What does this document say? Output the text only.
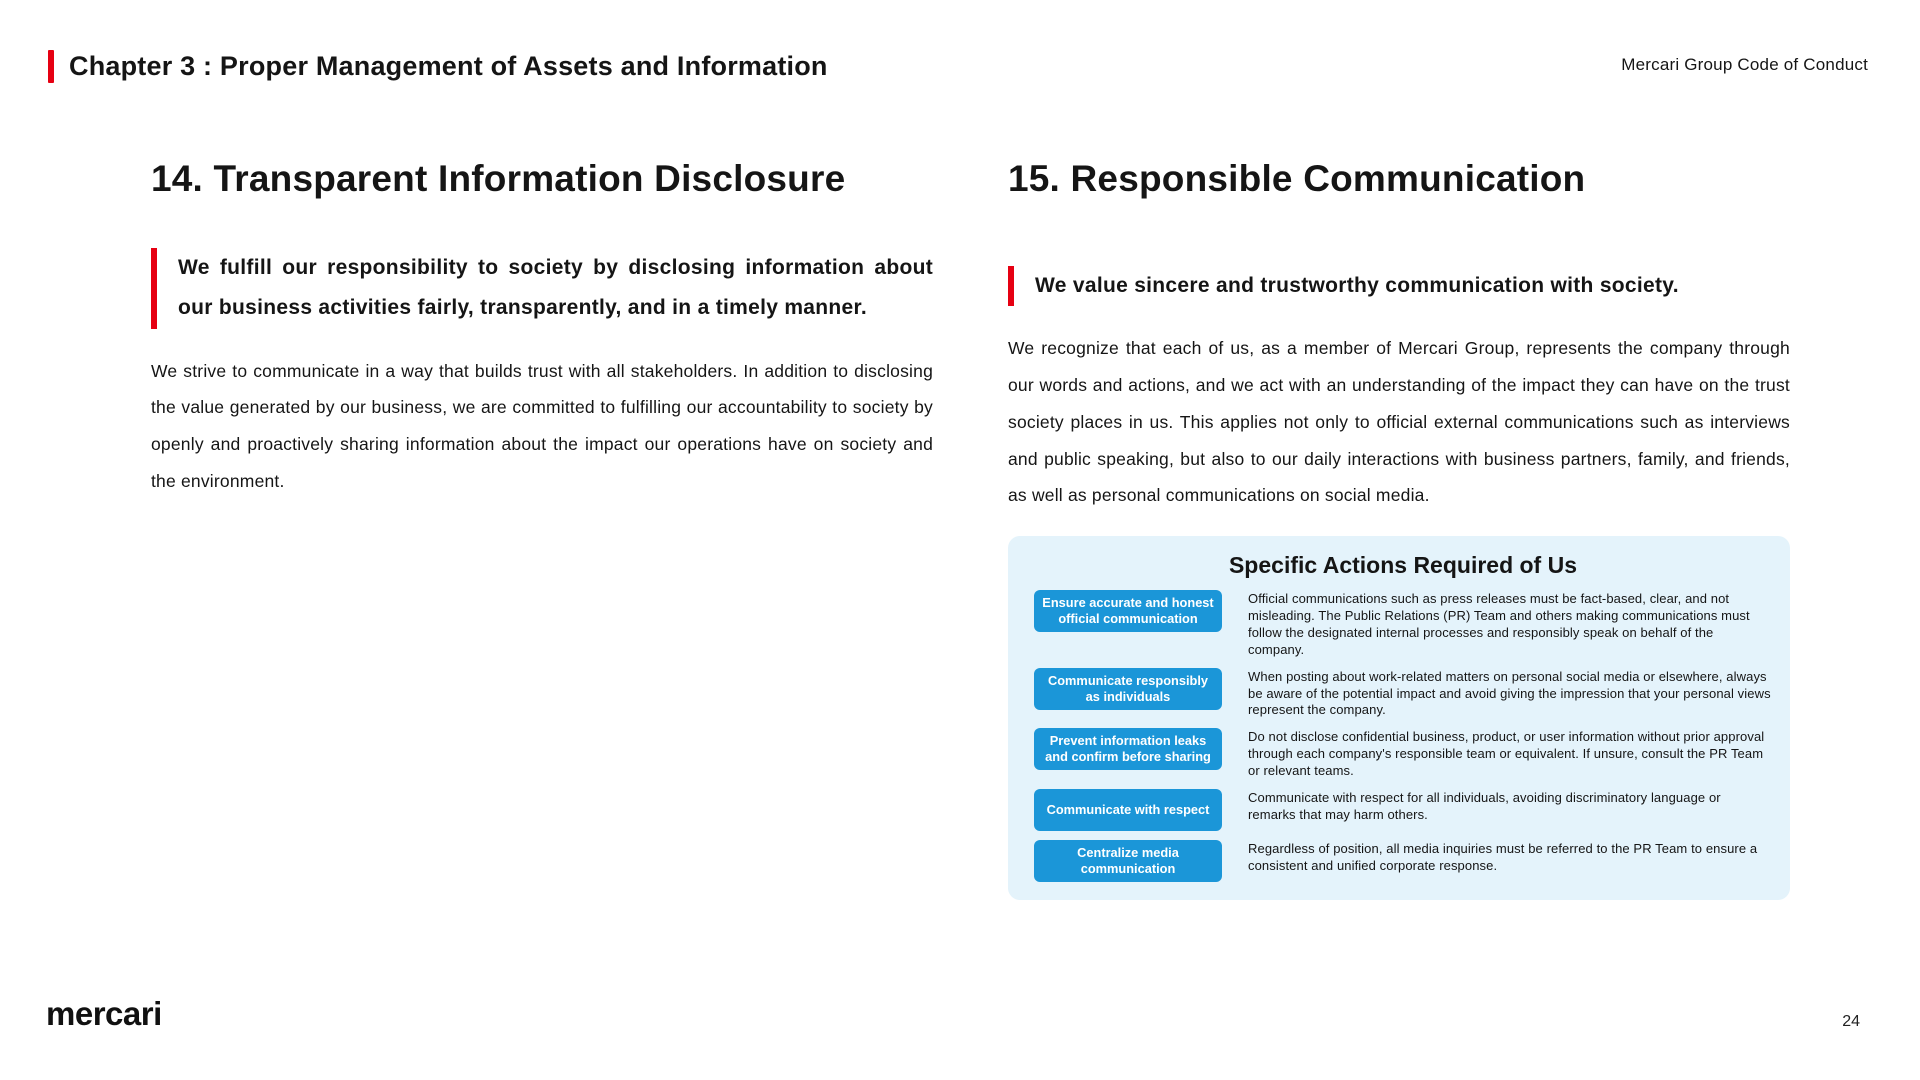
Chapter 3 : Proper Management of Assets and Information	Mercari Group Code of Conduct
14. Transparent Information Disclosure
We fulfill our responsibility to society by disclosing information about our business activities fairly, transparently, and in a timely manner.
We strive to communicate in a way that builds trust with all stakeholders. In addition to disclosing the value generated by our business, we are committed to fulfilling our accountability to society by openly and proactively sharing information about the impact our operations have on society and the environment.
15. Responsible Communication
We value sincere and trustworthy communication with society.
We recognize that each of us, as a member of Mercari Group, represents the company through our words and actions, and we act with an understanding of the impact they can have on the trust society places in us. This applies not only to official external communications such as interviews and public speaking, but also to our daily interactions with business partners, family, and friends, as well as personal communications on social media.
Specific Actions Required of Us
Ensure accurate and honest official communication
Official communications such as press releases must be fact-based, clear, and not misleading. The Public Relations (PR) Team and others making communications must follow the designated internal processes and responsibly speak on behalf of the company.
Communicate responsibly as individuals
When posting about work-related matters on personal social media or elsewhere, always be aware of the potential impact and avoid giving the impression that your personal views represent the company.
Prevent information leaks and confirm before sharing
Do not disclose confidential business, product, or user information without prior approval through each company's responsible team or equivalent. If unsure, consult the PR Team or relevant teams.
Communicate with respect
Communicate with respect for all individuals, avoiding discriminatory language or remarks that may harm others.
Centralize media communication
Regardless of position, all media inquiries must be referred to the PR Team to ensure a consistent and unified corporate response.
mercari	24
